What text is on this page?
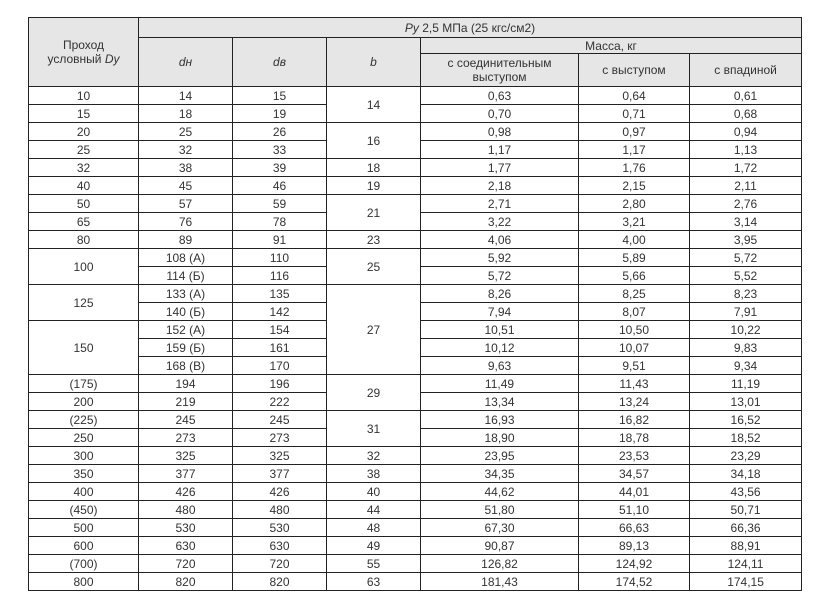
Проход
условный Dy	Py 2,5 МПа (25 кгс/см2)					
	dн	dв	b	Масса, кг		
				с соединительным выступом	с выступом	с впадиной
10	14	15	14	0,63	0,64	0,61
15	18	19		0,70	0,71	0,68
20	25	26	16	0,98	0,97	0,94
25	32	33		1,17	1,17	1,13
32	38	39	18	1,77	1,76	1,72
40	45	46	19	2,18	2,15	2,11
50	57	59	21	2,71	2,80	2,76
65	76	78		3,22	3,21	3,14
80	89	91	23	4,06	4,00	3,95
100	108 (А)	110	25	5,92	5,89	5,72
	114 (Б)	116		5,72	5,66	5,52
125	133 (А)	135	27	8,26	8,25	8,23
	140 (Б)	142		7,94	8,07	7,91
150	152 (А)	154		10,51	10,50	10,22
	159 (Б)	161		10,12	10,07	9,83
	168 (В)	170		9,63	9,51	9,34
(175)	194	196	29	11,49	11,43	11,19
200	219	222		13,34	13,24	13,01
(225)	245	245	31	16,93	16,82	16,52
250	273	273		18,90	18,78	18,52
300	325	325	32	23,95	23,53	23,29
350	377	377	38	34,35	34,57	34,18
400	426	426	40	44,62	44,01	43,56
(450)	480	480	44	51,80	51,10	50,71
500	530	530	48	67,30	66,63	66,36
600	630	630	49	90,87	89,13	88,91
(700)	720	720	55	126,82	124,92	124,11
800	820	820	63	181,43	174,52	174,15
